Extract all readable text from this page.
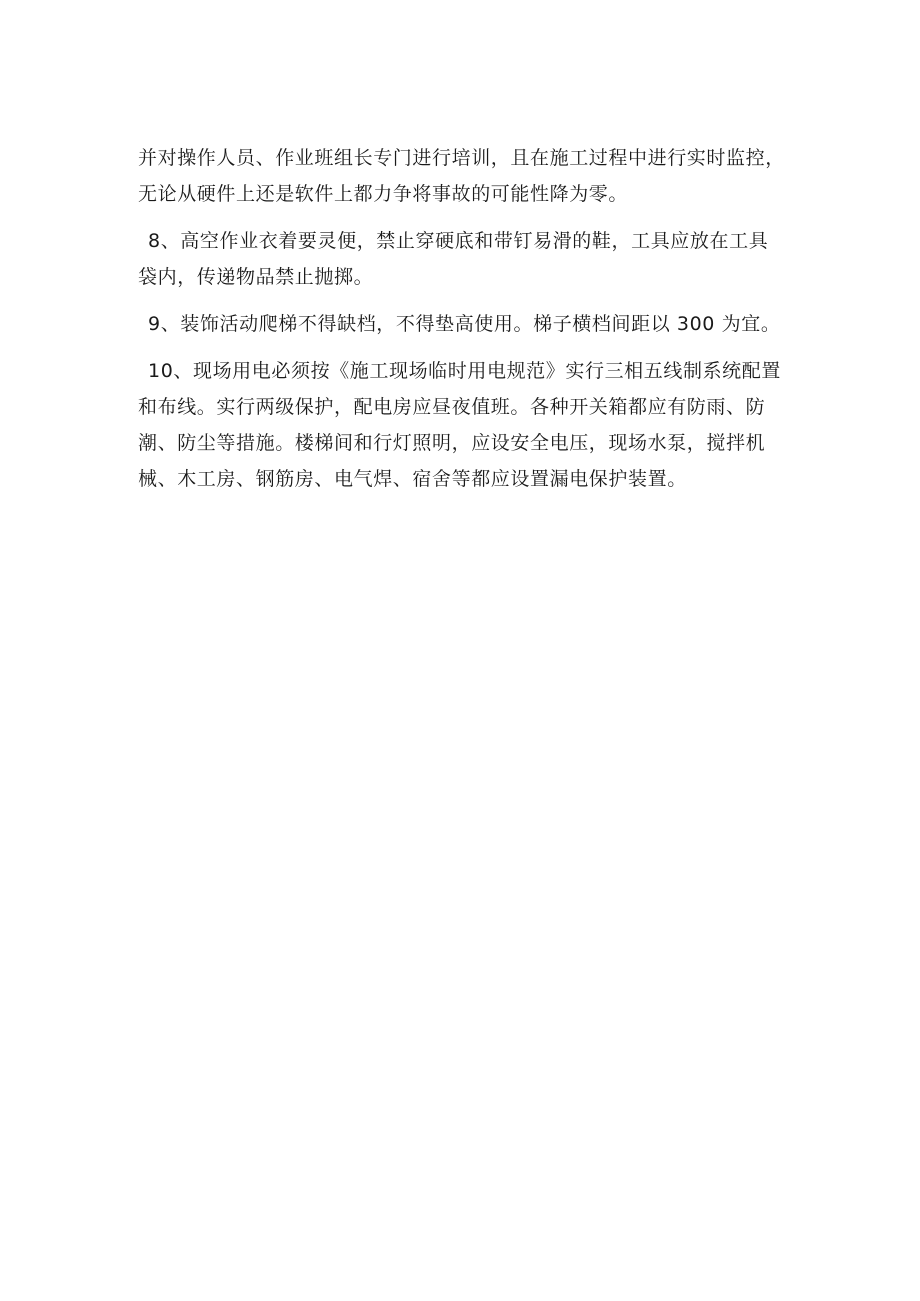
并对操作人员、作业班组长专门进行培训，且在施工过程中进行实时监控，
无论从硬件上还是软件上都力争将事故的可能性降为零。
8、高空作业衣着要灵便，禁止穿硬底和带钉易滑的鞋，工具应放在工具
袋内，传递物品禁止抛掷。
9、装饰活动爬梯不得缺档，不得垫高使用。梯子横档间距以 300 为宜。
10、现场用电必须按《施工现场临时用电规范》实行三相五线制系统配置
和布线。实行两级保护，配电房应昼夜值班。各种开关箱都应有防雨、防
潮、防尘等措施。楼梯间和行灯照明，应设安全电压，现场水泵，搅拌机
械、木工房、钢筋房、电气焊、宿舍等都应设置漏电保护装置。
